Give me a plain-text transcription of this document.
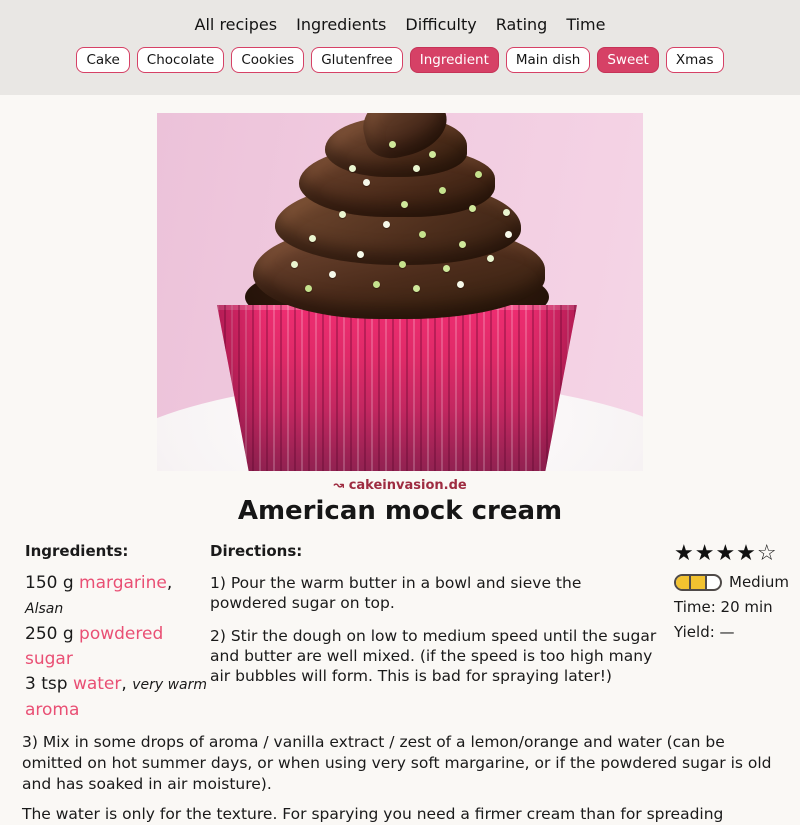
All recipes Ingredients Difficulty Rating Time
Cake	Chocolate	Cookies	Glutenfree	Ingredient	Main dish	Sweet	Xmas
↝ cakeinvasion.de
American mock cream
Ingredients:
150 g margarine, Alsan
250 g powdered sugar
3 tsp water, very warm
aroma
Directions:

1) Pour the warm butter in a bowl and sieve the powdered sugar on top.

2) Stir the dough on low to medium speed until the sugar and butter are well mixed. (if the speed is too high many air bubbles will form. This is bad for spraying later!)

★★★★☆
Medium
Time: 20 min
Yield: —

3) Mix in some drops of aroma / vanilla extract / zest of a lemon/orange and water (can be omitted on hot summer days, or when using very soft margarine, or if the powdered sugar is old and has soaked in air moisture).

The water is only for the texture. For sparying you need a firmer cream than for spreading
